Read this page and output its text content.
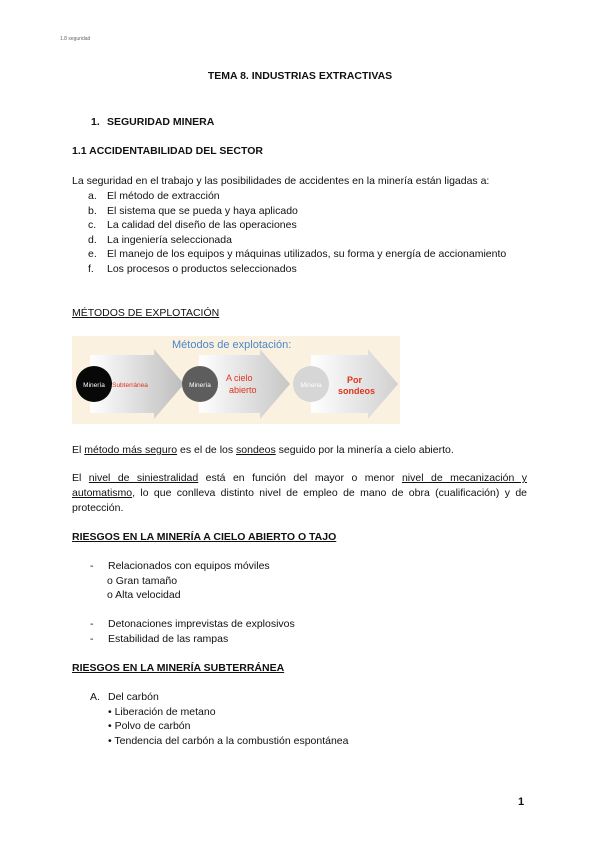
1.8 seguridad
TEMA 8. INDUSTRIAS EXTRACTIVAS
1. SEGURIDAD MINERA
1.1 ACCIDENTABILIDAD DEL SECTOR
La seguridad en el trabajo y las posibilidades de accidentes en la minería están ligadas a:
a. El método de extracción
b. El sistema que se pueda y haya aplicado
c.	La calidad del diseño de las operaciones
d. La ingeniería seleccionada
e. El manejo de los equipos y máquinas utilizados, su forma y energía de accionamiento
f.	Los procesos o productos seleccionados
MÉTODOS DE EXPLOTACIÓN
Métodos de explotación:
Minería Subterránea	Minería
A cielo
abierto	Mineria
Por
sondeos
El método más seguro es el de los sondeos seguido por la minería a cielo abierto.
El nivel de siniestralidad está en función del mayor o menor nivel de mecanización y automatismo, lo que conlleva distinto nivel de empleo de mano de obra (cualificación) y de protección.
RIESGOS EN LA MINERÍA A CIELO ABIERTO O TAJO
-	Relacionados con equipos móviles
o Gran tamaño
o Alta velocidad
-	Detonaciones imprevistas de explosivos
-	Estabilidad de las rampas
RIESGOS EN LA MINERÍA SUBTERRÁNEA
A. Del carbón
• Liberación de metano
• Polvo de carbón
• Tendencia del carbón a la combustión espontánea
1
